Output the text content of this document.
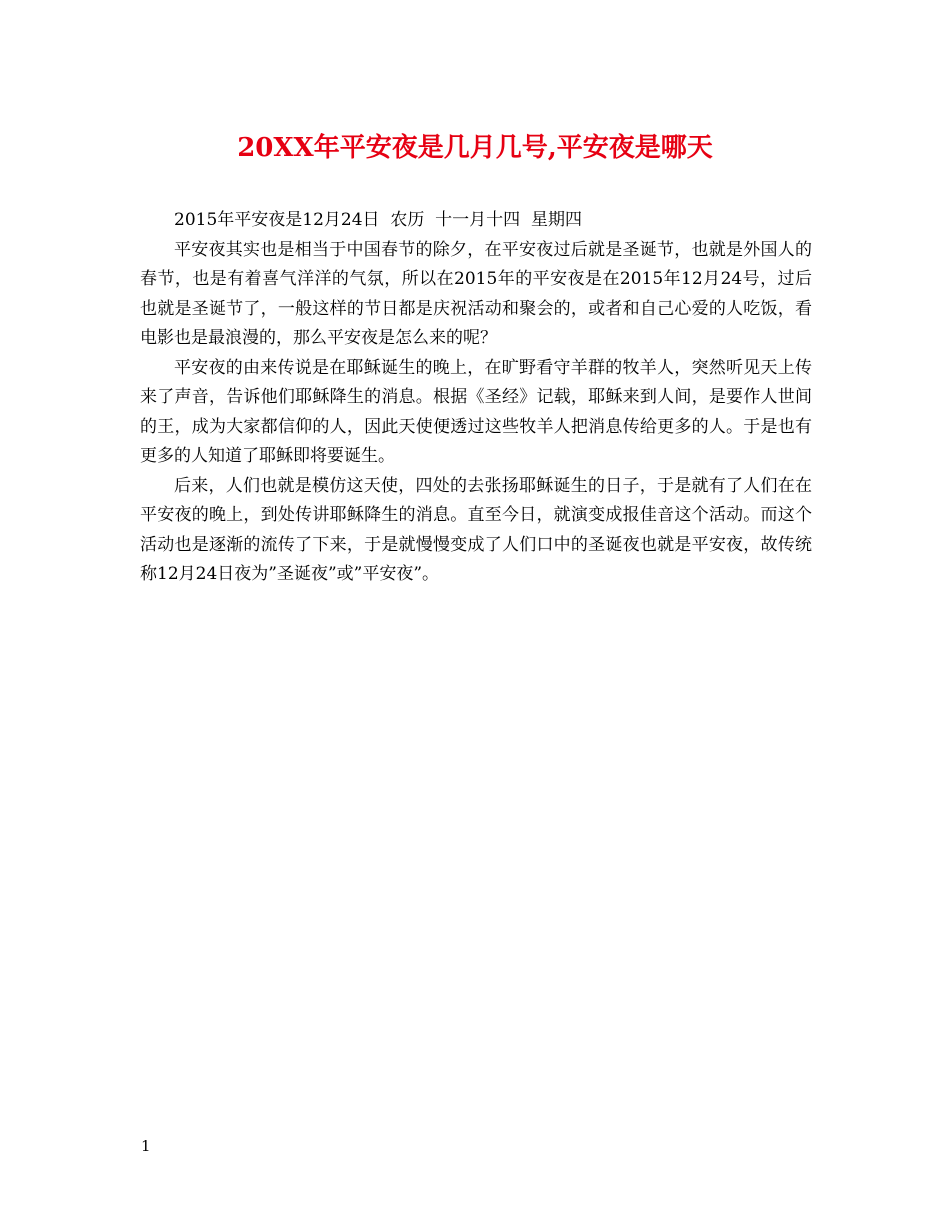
20XX年平安夜是几月几号,平安夜是哪天

2015年平安夜是12月24日  农历  十一月十四  星期四

平安夜其实也是相当于中国春节的除夕，在平安夜过后就是圣诞节，也就是外国人的春节，也是有着喜气洋洋的气氛，所以在2015年的平安夜是在2015年12月24号，过后也就是圣诞节了，一般这样的节日都是庆祝活动和聚会的，或者和自己心爱的人吃饭，看电影也是最浪漫的，那么平安夜是怎么来的呢？

平安夜的由来传说是在耶稣诞生的晚上，在旷野看守羊群的牧羊人，突然听见天上传来了声音，告诉他们耶稣降生的消息。根据《圣经》记载，耶稣来到人间，是要作人世间的王，成为大家都信仰的人，因此天使便透过这些牧羊人把消息传给更多的人。于是也有更多的人知道了耶稣即将要诞生。

后来，人们也就是模仿这天使，四处的去张扬耶稣诞生的日子，于是就有了人们在在平安夜的晚上，到处传讲耶稣降生的消息。直至今日，就演变成报佳音这个活动。而这个活动也是逐渐的流传了下来，于是就慢慢变成了人们口中的圣诞夜也就是平安夜，故传统称12月24日夜为”圣诞夜”或”平安夜”。

1
